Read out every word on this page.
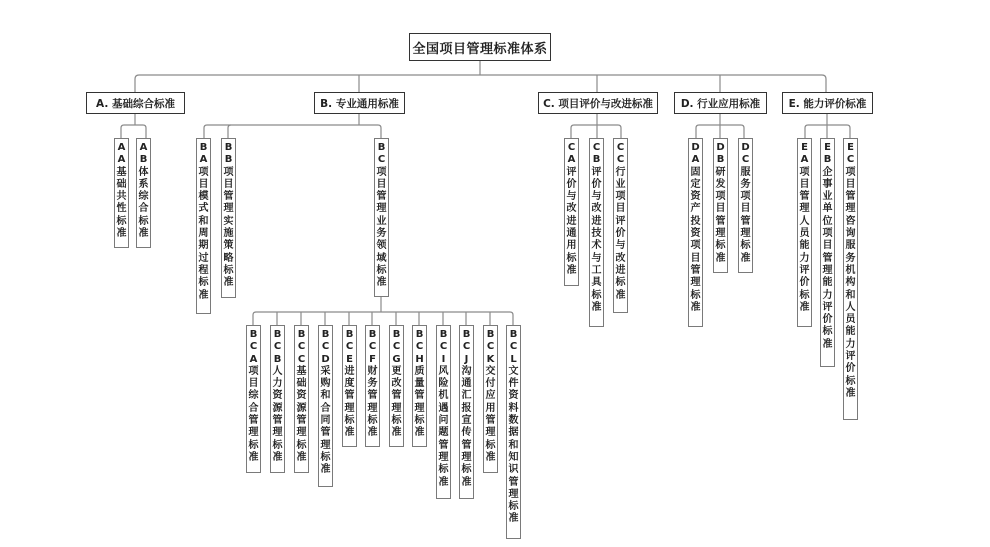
全国项目管理标准体系
A. 基础综合标准	B. 专业通用标准	C. 项目评价与改进标准	D. 行业应用标准	E. 能力评价标准
A
A
基
础
共
性
标
准
A
B
体
系
综
合
标
准
B
A
项
目
模
式
和
周
期
过
程
标
准
B
B
项
目
管
理
实
施
策
略
标
准
B
C
项
目
管
理
业
务
领
域
标
准
C
A
评
价
与
改
进
通
用
标
准
C
B
评
价
与
改
进
技
术
与
工
具
标
准
C
C
行
业
项
目
评
价
与
改
进
标
准
D
A
固
定
资
产
投
资
项
目
管
理
标
准
D
B
研
发
项
目
管
理
标
准
D
C
服
务
项
目
管
理
标
准
E
A
项
目
管
理
人
员
能
力
评
价
标
准
E
B
企
事
业
单
位
项
目
管
理
能
力
评
价
标
准
E
C
项
目
管
理
咨
询
服
务
机
构
和
人
员
能
力
评
价
标
准
B
C
A
项
目
综
合
管
理
标
准
B
C
B
人
力
资
源
管
理
标
准
B
C
C
基
础
资
源
管
理
标
准
B
C
D
采
购
和
合
同
管
理
标
准
B
C
E
进
度
管
理
标
准
B
C
F
财
务
管
理
标
准
B
C
G
更
改
管
理
标
准
B
C
H
质
量
管
理
标
准
B
C
I
风
险
机
遇
问
题
管
理
标
准
B
C
J
沟
通
汇
报
宣
传
管
理
标
准
B
C
K
交
付
应
用
管
理
标
准
B
C
L
文
件
资
料
数
据
和
知
识
管
理
标
准
